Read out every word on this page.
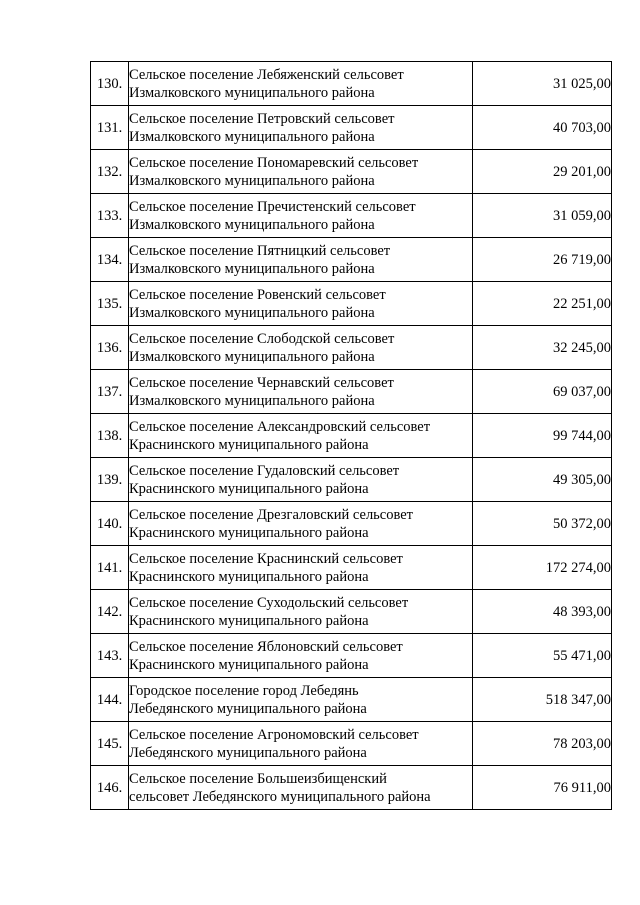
130.	Сельское поселение Лебяженский сельсовет
Измалковского муниципального района	31 025,00
131.	Сельское поселение Петровский сельсовет
Измалковского муниципального района	40 703,00
132.	Сельское поселение Пономаревский сельсовет
Измалковского муниципального района	29 201,00
133.	Сельское поселение Пречистенский сельсовет
Измалковского муниципального района	31 059,00
134.	Сельское поселение Пятницкий сельсовет
Измалковского муниципального района	26 719,00
135.	Сельское поселение Ровенский сельсовет
Измалковского муниципального района	22 251,00
136.	Сельское поселение Слободской сельсовет
Измалковского муниципального района	32 245,00
137.	Сельское поселение Чернавский сельсовет
Измалковского муниципального района	69 037,00
138.	Сельское поселение Александровский сельсовет
Краснинского муниципального района	99 744,00
139.	Сельское поселение Гудаловский сельсовет
Краснинского муниципального района	49 305,00
140.	Сельское поселение Дрезгаловский сельсовет
Краснинского муниципального района	50 372,00
141.	Сельское поселение Краснинский сельсовет
Краснинского муниципального района	172 274,00
142.	Сельское поселение Суходольский сельсовет
Краснинского муниципального района	48 393,00
143.	Сельское поселение Яблоновский сельсовет
Краснинского муниципального района	55 471,00
144.	Городское поселение город Лебедянь
Лебедянского муниципального района	518 347,00
145.	Сельское поселение Агрономовский сельсовет
Лебедянского муниципального района	78 203,00
146.	Сельское поселение Большеизбищенский
сельсовет Лебедянского муниципального района	76 911,00
